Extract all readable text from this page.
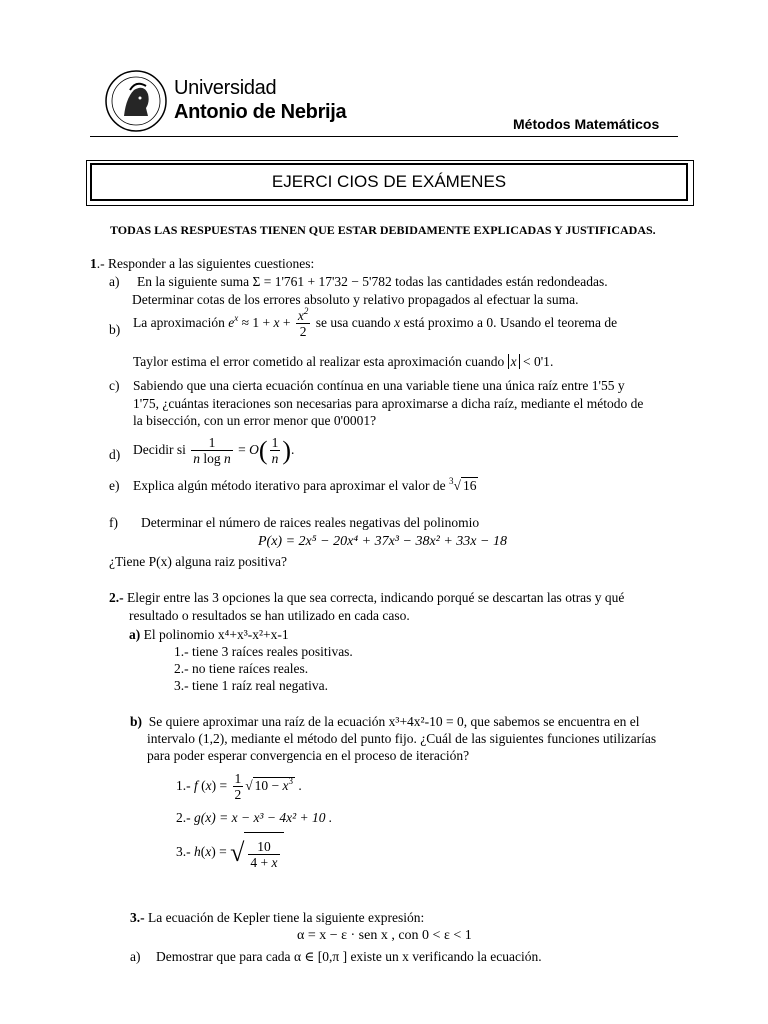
Universidad
Antonio de Nebrija
Métodos Matemáticos
EJERCI CIOS DE EXÁMENES
TODAS LAS RESPUESTAS TIENEN QUE ESTAR DEBIDAMENTE EXPLICADAS Y JUSTIFICADAS.
1.- Responder a las siguientes cuestiones:
a) En la siguiente suma Σ = 1'761 + 17'32 − 5'782 todas las cantidades están redondeadas.
Determinar cotas de los errores absoluto y relativo propagados al efectuar la suma.
b) La aproximación $e^x \approx 1 + x + \frac{x^2}{2}$ se usa cuando x está proximo a 0. Usando el teorema de
Taylor estima el error cometido al realizar esta aproximación cuando x < 0'1.
c) Sabiendo que una cierta ecuación contínua en una variable tiene una única raíz entre 1'55 y
1'75, ¿cuántas iteraciones son necesarias para aproximarse a dicha raíz, mediante el método de
la bisección, con un error menor que 0'0001?
d) Decidir si $\frac{1}{\text{n log n}} = O( \frac{1}{n}$ ).
e) Explica algún método iterativo para aproximar el valor de $^3$√ 16
f) Determinar el número de raices reales negativas del polinomio
P(x) = 2x⁵ − 20x⁴ + 37x³ − 38x² + 33x − 18
¿Tiene P(x) alguna raiz positiva?
2.- Elegir entre las 3 opciones la que sea correcta, indicando porqué se descartan las otras y qué
resultado o resultados se han utilizado en cada caso.
a) El polinomio x⁴+x³-x²+x-1
1.- tiene 3 raíces reales positivas.
2.- no tiene raíces reales.
3.- tiene 1 raíz real negativa.
b) Se quiere aproximar una raíz de la ecuación x³+4x²-10 = 0, que sabemos se encuentra en el
intervalo (1,2), mediante el método del punto fijo. ¿Cuál de las siguientes funciones utilizarías
para poder esperar convergencia en el proceso de iteración?
1.- f $(x) = \frac{1}{2}$ √ $10 - x^3$ .
2.- g(x) = x − x³ − 4x² + 10 .
3.- h(x) = √ $\frac{10}{4 + x}$
3.- La ecuación de Kepler tiene la siguiente expresión:
α = x − ε · sen x , con 0 < ε < 1
a) Demostrar que para cada α ∈ [0,π ] existe un x verificando la ecuación.
